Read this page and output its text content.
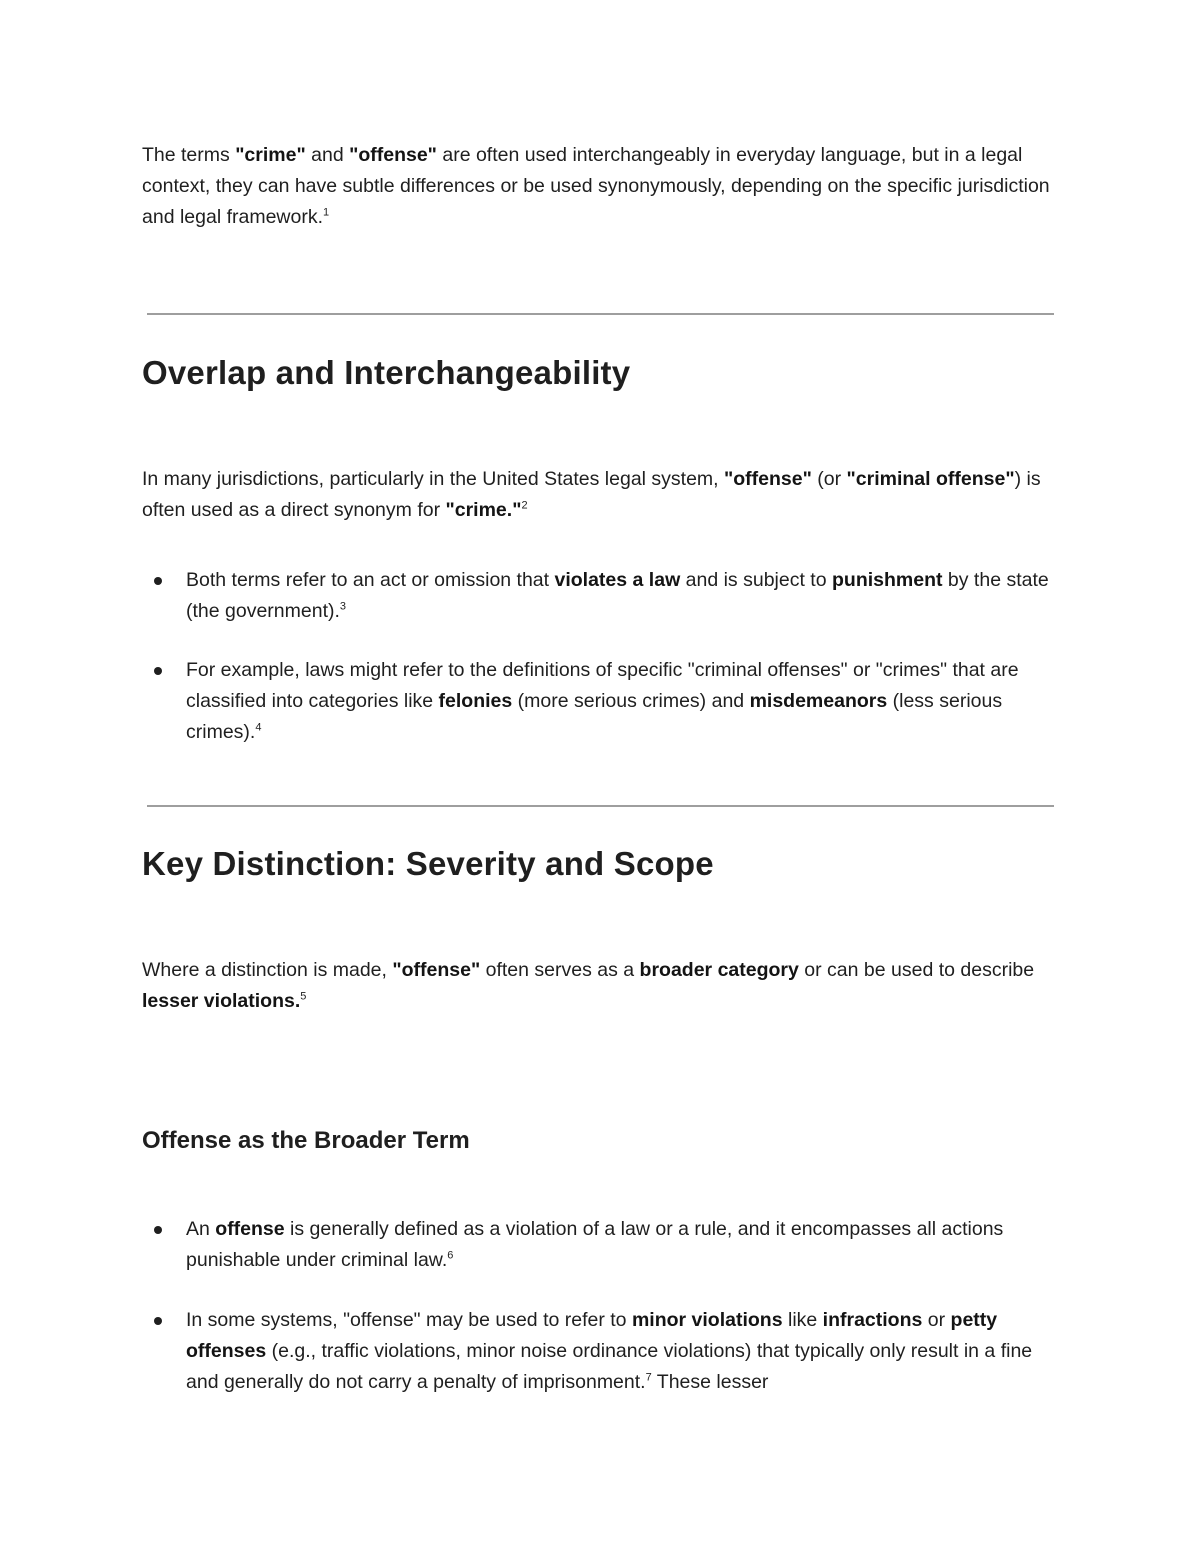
The terms "crime" and "offense" are often used interchangeably in everyday language, but in a legal context, they can have subtle differences or be used synonymously, depending on the specific jurisdiction and legal framework.$^1$

Overlap and Interchangeability

In many jurisdictions, particularly in the United States legal system, "offense" (or "criminal offense") is often used as a direct synonym for "crime."$^2$

Both terms refer to an act or omission that violates a law and is subject to punishment by the state (the government).$^3$
For example, laws might refer to the definitions of specific "criminal offenses" or "crimes" that are classified into categories like felonies (more serious crimes) and misdemeanors (less serious crimes).$^4$
Key Distinction: Severity and Scope

Where a distinction is made, "offense" often serves as a broader category or can be used to describe lesser violations.$^5$

Offense as the Broader Term
An offense is generally defined as a violation of a law or a rule, and it encompasses all actions punishable under criminal law.$^6$
In some systems, "offense" may be used to refer to minor violations like infractions or petty offenses (e.g., traffic violations, minor noise ordinance violations) that typically only result in a fine and generally do not carry a penalty of imprisonment.$^7$ These lesser
